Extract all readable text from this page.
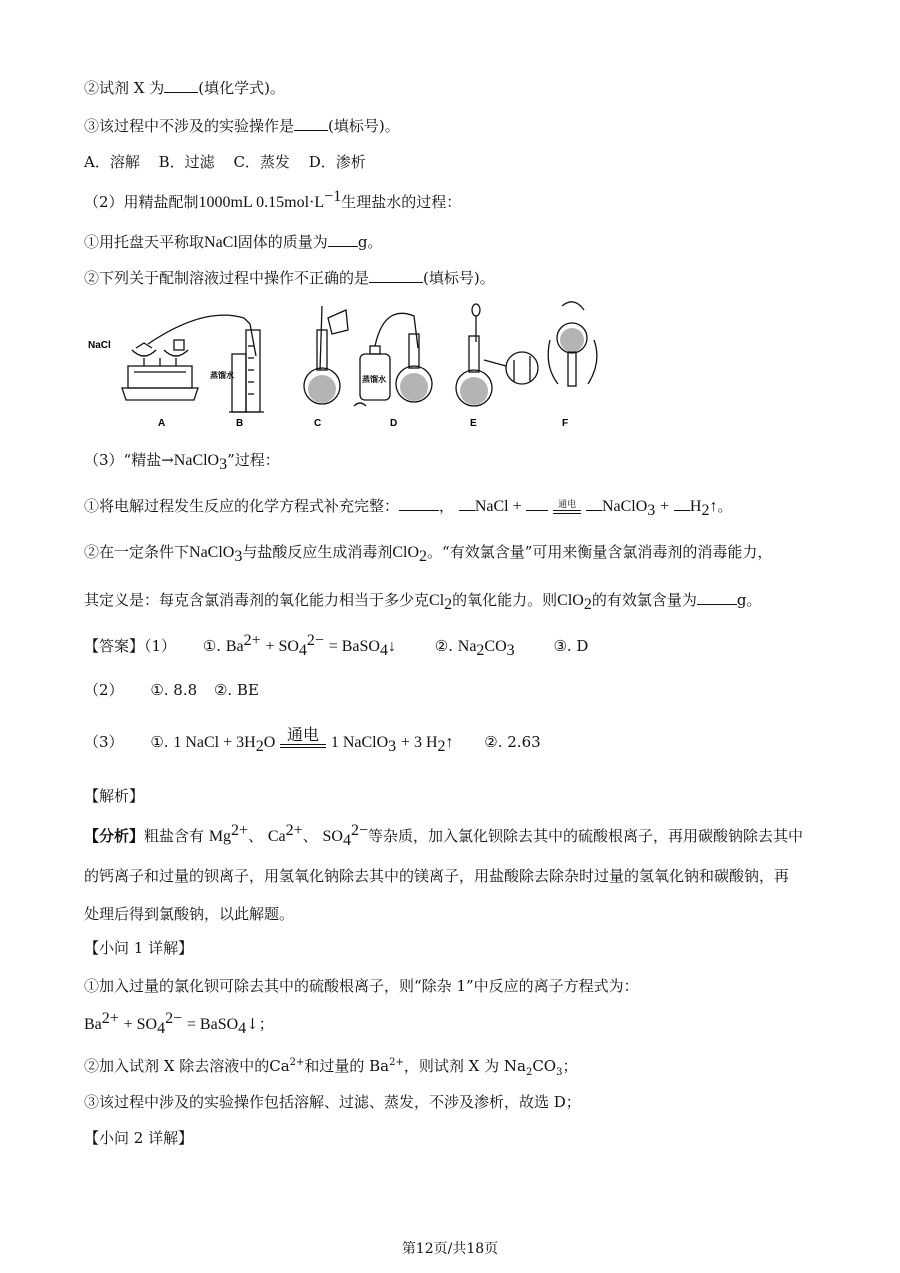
②试剂 X 为 (填化学式)。
③该过程中不涉及的实验操作是 (填标号)。
A．溶解 B．过滤 C．蒸发 D．渗析
（2）用精盐配制1000mL $0.15mol\cdot L^{-1}$生理盐水的过程：
①用托盘天平称取NaCl固体的质量为 g。
②下列关于配制溶液过程中操作不正确的是	(填标号)。
NaCl
蒸馏水	蒸馏水
A	B	C	D	E	F
（3）“精盐→NaClO$_3$”过程：
①将电解过程发生反应的化学方程式补充完整：	， NaCl +	通电	NaClO$_3$ + $H_2↑$。
②在一定条件下NaClO$_3$与盐酸反应生成消毒剂ClO$_2$。“有效氯含量”可用来衡量含氯消毒剂的消毒能力，
其定义是：每克含氯消毒剂的氧化能力相当于多少克$Cl_2$的氧化能力。则ClO$_2$的有效氯含量为	g。
【答案】（1） ①. $Ba^{2+} + SO_4^{2-}$ = BaSO$_4$↓	②. $Na_2CO_3$	③. D
（2） ①. 8.8 ②. BE
（3） ①. 1 NaCl + $3H_2O$ 通电 1 NaClO$_3$ + 3 $H_2↑$ ②. 2.63
【解析】
【分析】粗盐含有 $Mg^{2+}$、 $Ca^{2+}$、 $SO_4^{2-}$等杂质，加入氯化钡除去其中的硫酸根离子，再用碳酸钠除去其中
的钙离子和过量的钡离子，用氢氧化钠除去其中的镁离子，用盐酸除去除杂时过量的氢氧化钠和碳酸钠，再
处理后得到氯酸钠，以此解题。
【小问 1 详解】
①加入过量的氯化钡可除去其中的硫酸根离子，则“除杂 1”中反应的离子方程式为：
$Ba^{2+} + SO_4^{2-}$ = BaSO$_4$↓；
②加入试剂 X 除去溶液中的$Ca^{2+}$和过量的 $Ba^{2+}$，则试剂 X 为 $Na_2CO_3$；
③该过程中涉及的实验操作包括溶解、过滤、蒸发，不涉及渗析，故选 D；
【小问 2 详解】
第12页/共18页
